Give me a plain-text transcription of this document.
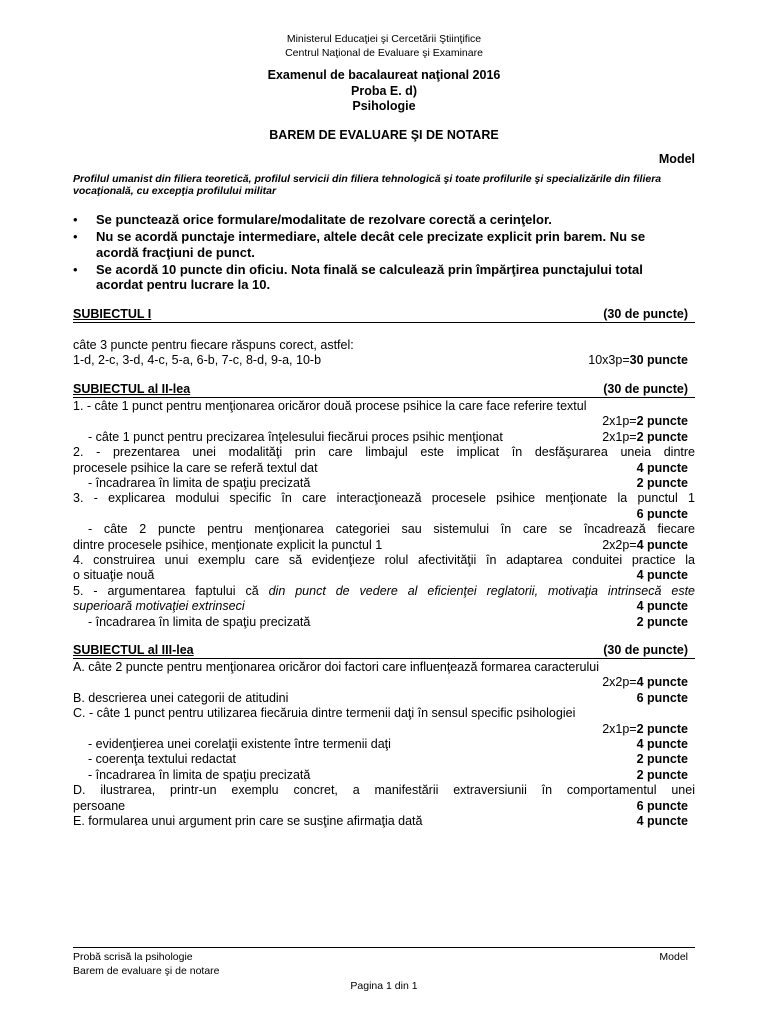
Ministerul Educaţiei şi Cercetării Ştiinţifice
Centrul Naţional de Evaluare şi Examinare
Examenul de bacalaureat naţional 2016
Proba E. d)
Psihologie
BAREM DE EVALUARE ŞI DE NOTARE
Model
Profilul umanist din filiera teoretică, profilul servicii din filiera tehnologică şi toate profilurile şi specializările din filiera vocaţională, cu excepţia profilului militar
• Se punctează orice formulare/modalitate de rezolvare corectă a cerinţelor.
• Nu se acordă punctaje intermediare, altele decât cele precizate explicit prin barem. Nu se
acordă fracţiuni de punct.
• Se acordă 10 puncte din oficiu. Nota finală se calculează prin împărţirea punctajului total
acordat pentru lucrare la 10.
SUBIECTUL I	(30 de puncte)
câte 3 puncte pentru fiecare răspuns corect, astfel:
1-d, 2-c, 3-d, 4-c, 5-a, 6-b, 7-c, 8-d, 9-a, 10-b	10x3p=30 puncte
SUBIECTUL al II-lea	(30 de puncte)
1. - câte 1 punct pentru menţionarea oricăror două procese psihice la care face referire textul
2x1p=2 puncte
- câte 1 punct pentru precizarea înţelesului fiecărui proces psihic menţionat	2x1p=2 puncte
2. - prezentarea unei modalităţi prin care limbajul este implicat în desfăşurarea uneia dintre
procesele psihice la care se referă textul dat	4 puncte
- încadrarea în limita de spaţiu precizată	2 puncte
3. - explicarea modului specific în care interacţionează procesele psihice menţionate la punctul 1
6 puncte
- câte 2 puncte pentru menţionarea categoriei sau sistemului în care se încadrează fiecare
dintre procesele psihice, menţionate explicit la punctul 1	2x2p=4 puncte
4. construirea unui exemplu care să evidenţieze rolul afectivităţii în adaptarea conduitei practice la
o situaţie nouă	4 puncte
5. - argumentarea faptului că din punct de vedere al eficienţei reglatorii, motivaţia intrinsecă este
superioară motivaţiei extrinseci	4 puncte
- încadrarea în limita de spaţiu precizată	2 puncte
SUBIECTUL al III-lea	(30 de puncte)
A. câte 2 puncte pentru menţionarea oricăror doi factori care influenţează formarea caracterului
2x2p=4 puncte
B. descrierea unei categorii de atitudini	6 puncte
C. - câte 1 punct pentru utilizarea fiecăruia dintre termenii daţi în sensul specific psihologiei
2x1p=2 puncte
- evidenţierea unei corelaţii existente între termenii daţi	4 puncte
- coerenţa textului redactat	2 puncte
- încadrarea în limita de spaţiu precizată	2 puncte
D. ilustrarea, printr-un exemplu concret, a manifestării extraversiunii în comportamentul unei
persoane	6 puncte
E. formularea unui argument prin care se susţine afirmaţia dată	4 puncte
Probă scrisă la psihologie	Model
Barem de evaluare şi de notare
Pagina 1 din 1
